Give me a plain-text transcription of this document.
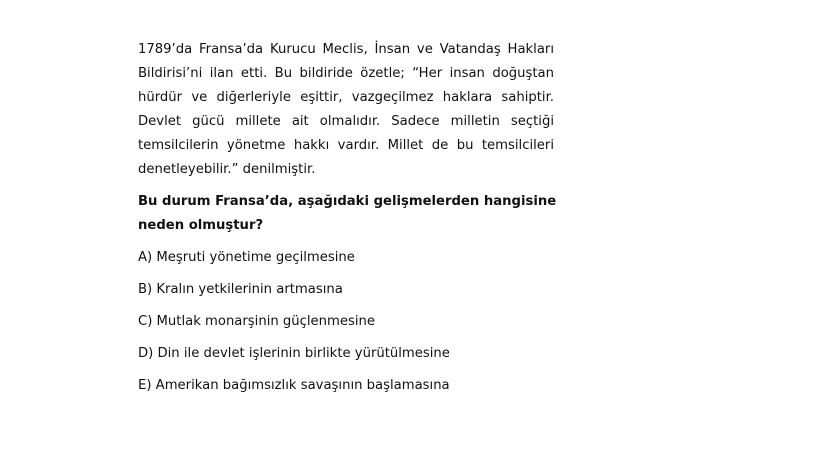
1789’da Fransa’da Kurucu Meclis, İnsan ve Vatandaş Hakları
Bildirisi’ni ilan etti. Bu bildiride özetle; “Her insan doğuştan
hürdür ve diğerleriyle eşittir, vazgeçilmez haklara sahiptir.
Devlet gücü millete ait olmalıdır. Sadece milletin seçtiği
temsilcilerin yönetme hakkı vardır. Millet de bu temsilcileri
denetleyebilir.” denilmiştir.
Bu durum Fransa’da, aşağıdaki gelişmelerden hangisine
neden olmuştur?
A) Meşruti yönetime geçilmesine
B) Kralın yetkilerinin artmasına
C) Mutlak monarşinin güçlenmesine
D) Din ile devlet işlerinin birlikte yürütülmesine
E) Amerikan bağımsızlık savaşının başlamasına
